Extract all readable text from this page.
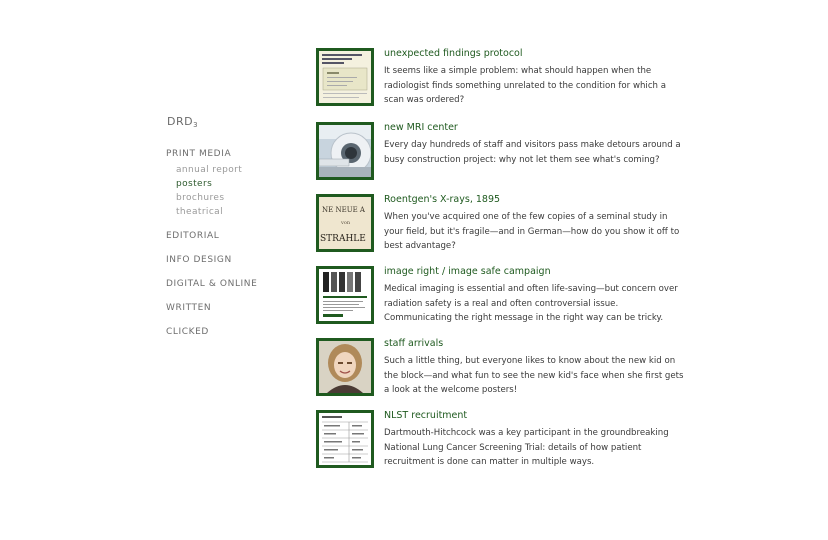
$DRD_3$
PRINT MEDIA
annual report
posters
brochures
theatrical
EDITORIAL
INFO DESIGN
DIGITAL & ONLINE
WRITTEN
CLICKED
unexpected findings protocol
It seems like a simple problem: what should happen when the radiologist finds something unrelated to the condition for which a scan was ordered?
new MRI center
Every day hundreds of staff and visitors pass make detours around a busy construction project: why not let them see what's coming?
NE NEUE A
von
STRAHLE
Roentgen's X-rays, 1895
When you've acquired one of the few copies of a seminal study in your field, but it's fragile—and in German—how do you show it off to best advantage?
image right / image safe campaign
Medical imaging is essential and often life-saving—but concern over radiation safety is a real and often controversial issue. Communicating the right message in the right way can be tricky.
staff arrivals
Such a little thing, but everyone likes to know about the new kid on the block—and what fun to see the new kid's face when she first gets a look at the welcome posters!
NLST recruitment
Dartmouth-Hitchcock was a key participant in the groundbreaking National Lung Cancer Screening Trial: details of how patient recruitment is done can matter in multiple ways.
